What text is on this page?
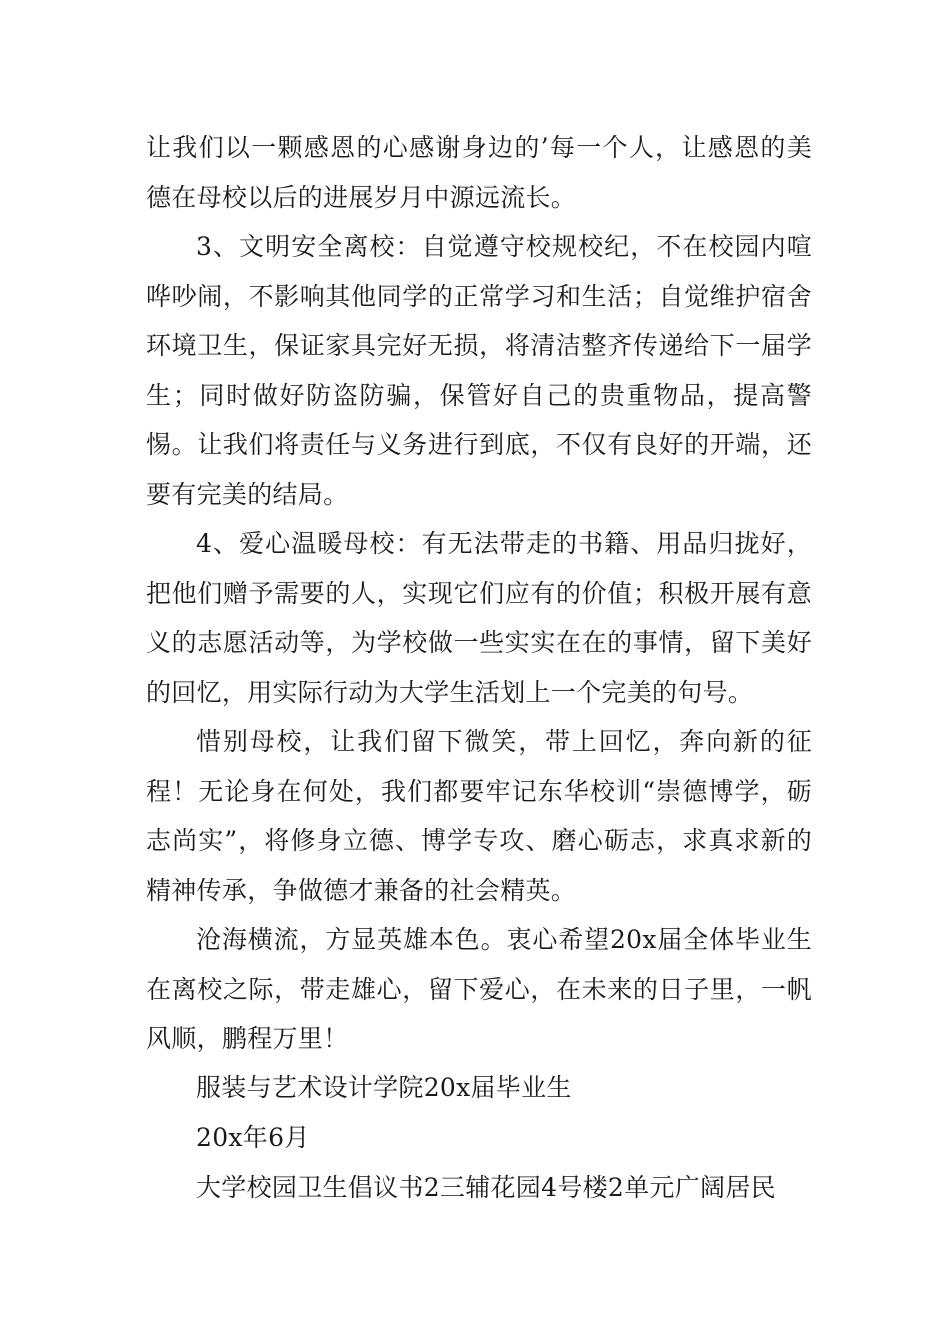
让我们以一颗感恩的心感谢身边的’每一个人，让感恩的美德在母校以后的进展岁月中源远流长。

3、文明安全离校：自觉遵守校规校纪，不在校园内喧哗吵闹，不影响其他同学的正常学习和生活；自觉维护宿舍环境卫生，保证家具完好无损，将清洁整齐传递给下一届学生；同时做好防盗防骗，保管好自己的贵重物品，提高警惕。让我们将责任与义务进行到底，不仅有良好的开端，还要有完美的结局。

4、爱心温暖母校：有无法带走的书籍、用品归拢好，把他们赠予需要的人，实现它们应有的价值；积极开展有意义的志愿活动等，为学校做一些实实在在的事情，留下美好的回忆，用实际行动为大学生活划上一个完美的句号。

惜别母校，让我们留下微笑，带上回忆，奔向新的征程！无论身在何处，我们都要牢记东华校训“崇德博学，砺志尚实”，将修身立德、博学专攻、磨心砺志，求真求新的精神传承，争做德才兼备的社会精英。

沧海横流，方显英雄本色。衷心希望20x届全体毕业生在离校之际，带走雄心，留下爱心，在未来的日子里，一帆风顺，鹏程万里！

服装与艺术设计学院20x届毕业生

20x年6月

大学校园卫生倡议书2三辅花园4号楼2单元广阔居民
